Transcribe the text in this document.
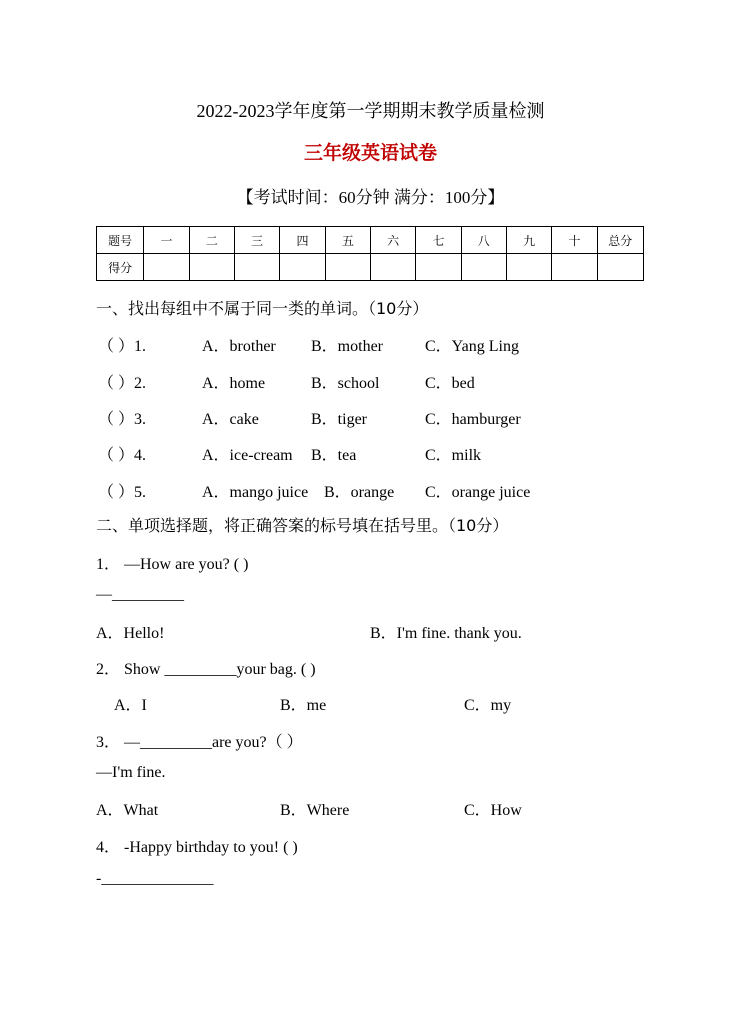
2022-2023学年度第一学期期末教学质量检测
三年级英语试卷
【考试时间：60分钟 满分：100分】
题号	一	二	三	四	五	六	七	八	九	十	总分
得分											
一、找出每组中不属于同一类的单词。（10分）
（ ）1.	A．brother B．mother	C．Yang Ling
（ ）2.	A．home	B．school	C．bed
（ ）3.	A．cake	B．tiger	C．hamburger
（ ）4.	A．ice-cream B．tea	C．milk
（ ）5.	A．mango juice B．orange C．orange juice
二、单项选择题，将正确答案的标号填在括号里。（10分）
1． —How are you? ( )
—_________
A．Hello!	B．I'm fine. thank you.
2． Show _________your bag. ( )
A．I	B．me	C．my
3． —_________are you?（ ）
—I'm fine.
A．What	B．Where	C．How
4． -Happy birthday to you! ( )
-______________
